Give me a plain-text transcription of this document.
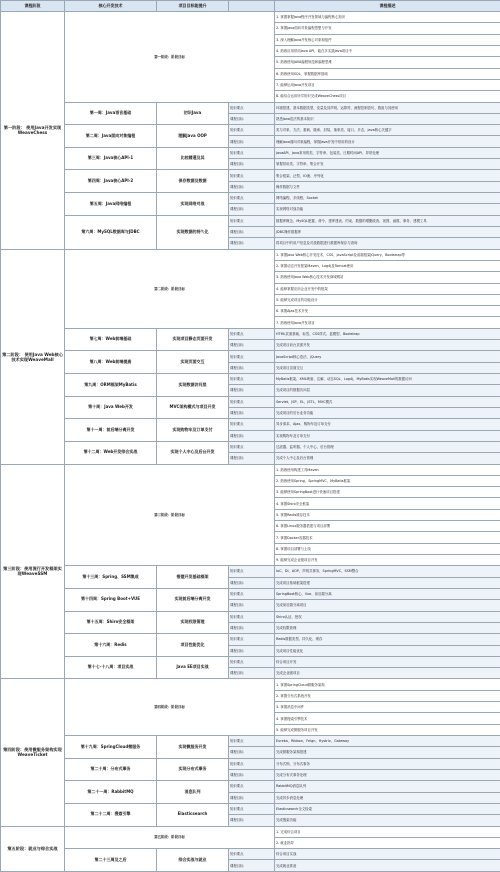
课程阶段	核心开发技术	项目目标能提升		课程描述
第一阶段： 使用Java开发实现 WeaveChess	第一阶段：阶段目标			1. 掌握掌握Java程序开发领域与编程核心知识
				2. 掌握Java面向对象编程思想与开发
				3. 深入理解Java开发核心对象和组件
				4. 熟练应用常用Java API，能在多实践Java项目中
				5. 熟练使用JAVA编程规范和编程思维
				6. 熟练使用SQL，掌握数据库基础
				7. 能够运用Java开发项目
				8. 能结合运用所学知识完成WeaveChess项目
	第一周：Java语言基础	初识Java	知识要点	环境搭建、基本数据类型、变量及其声明、运算符、流程控制语句、数组与其使用
			课程目标	熟悉Java语法的基本知识
	第二周：Java面向对象编程	理解Java OOP	知识要点	类与对象、方法、重载、继承、封装、抽象类、接口、多态、Java核心关键字
			课程目标	理解Java面向对象编程，掌握Java开发中常用的设计
	第三周：Java核心API-1	比较精通及其	知识要点	JavaAPI、Java常用的类、字符串、包装类、日期时间API、异常处理
			课程目标	掌握常用类、字符串、集合开发
	第四周：Java核心API-2	保存数据及数据	知识要点	集合框架、泛型、IO流、序列化
			课程目标	操作数据与文件
	第五周：Java网络编程	实现网络对战	知识要点	网络编程、多线程、Socket
			课程目标	实现网络对战功能
	第六周：MySQL数据库与JDBC	实现数据的持久化	知识要点	数据库概念、MySQL配置、命令、建库建表、约束、数据的增删改查、视图、函数、事务、建模工具
			课程目标	JDBC操作数据库
			课程目标	将项目中的用户信息及对战数据进行数据库保存与查询
第二阶段： 使用Java Web核心技术实现WeaveMall	第二阶段：阶段目标			1. 掌握Java Web核心开发技术，CSS、JavaScript及前端框架jQuery、Bootstrap等
				2. 掌握动态开发框架Maven、Log4j及Tomcat使用
				3. 熟练使用Java Web核心技术开发商城网站
				4. 能够掌握应用企业开发中的框架
				5. 能够完成项目的功能设计
				6. 掌握Ajax技术开发
				7. 熟练使用Java开发项目
	第七周：Web前端基础	实现项目静态页面开发	知识要点	HTML页面基础、标签、CSS样式、盒模型、Bootstrap
			课程目标	完成项目前台页面开发
	第八周：Web前端提高	实现页面交互	知识要点	JavaScript核心语法、jQuery
			课程目标	完成项目页面交互
	第九周：ORM框架MyBatis	实现数据访问层	知识要点	MyBatis框架、XML映射、注解、动态SQL、Log4j、MyBatis实现WeaveMall的数据访问
			课程目标	完成项目的数据访问层
	第十周：Java Web开发	MVC架构模式与项目开发	知识要点	Servlet、JSP、EL、JSTL、MVC模式
			课程目标	完成项目的后台业务功能
	第十一周：前后端分离开发	实现购物车及订单支付	知识要点	异步请求、Ajax、购物车及订单支付
			课程目标	实现购物车及订单支付
	第十二周：Web开发综合实战	实现个人中心及后台开发	知识要点	过滤器、监听器、个人中心、后台管理
			课程目标	完成个人中心及后台管理
第三阶段：使用流行开发框架实现WeaveSSM	第三阶段：阶段目标			1. 熟练使用构建工具Maven
				2. 熟练使用Spring、SpringMVC、MyBatis框架
				3. 能够使用SpringBoot进行快速项目搭建
				4. 掌握Shiro安全框架
				5. 掌握Redis缓存技术
				6. 掌握Linux服务器搭建与项目部署
				7. 掌握Docker容器技术
				8. 掌握项目部署与上线
				9. 能够完成企业级项目开发
	第十三周：Spring、SSM集成	搭建开发基础框架	知识要点	IoC、DI、AOP、声明式事务、SpringMVC、SSM整合
			课程目标	完成项目基础框架搭建
	第十四周：Spring Boot+VUE	实现前后端分离开发	知识要点	SpringBoot核心、Vue、前后端分离
			课程目标	完成前后端分离项目
	第十五周：Shiro安全框架	实现权限管理	知识要点	Shiro认证、授权
			课程目标	完成权限管理
	第十六周：Redis	项目性能优化	知识要点	Redis数据类型、持久化、缓存
			课程目标	完成项目性能优化
	第十七-十八周：项目实战	Java EE项目实战	知识要点	综合项目开发
			课程目标	完成企业级项目
第四阶段：使用微服务架构实现WeaveTicket	第四阶段：阶段目标			1. 掌握SpringCloud微服务架构
				2. 掌握分布式系统开发
				3. 掌握消息中间件
				4. 掌握搜索引擎技术
				5. 能够完成微服务项目开发
	第十九周：SpringCloud微服务	实现微服务开发	知识要点	Eureka、Ribbon、Feign、Hystrix、Gateway
			课程目标	完成微服务架构搭建
	第二十周：分布式事务	实现分布式事务	知识要点	分布式锁、分布式事务
			课程目标	完成分布式事务处理
	第二十一周：RabbitMQ	消息队列	知识要点	RabbitMQ消息队列
			课程目标	完成异步消息处理
	第二十二周：搜索引擎	Elasticsearch	知识要点	Elasticsearch全文检索
			课程目标	完成搜索功能
第五阶段：就业与综合实战	第五阶段：阶段目标			1. 完成综合项目
				2. 就业指导
	第二十三周及之后	综合实战与就业	知识要点	综合项目实战
			课程目标	完成就业准备
